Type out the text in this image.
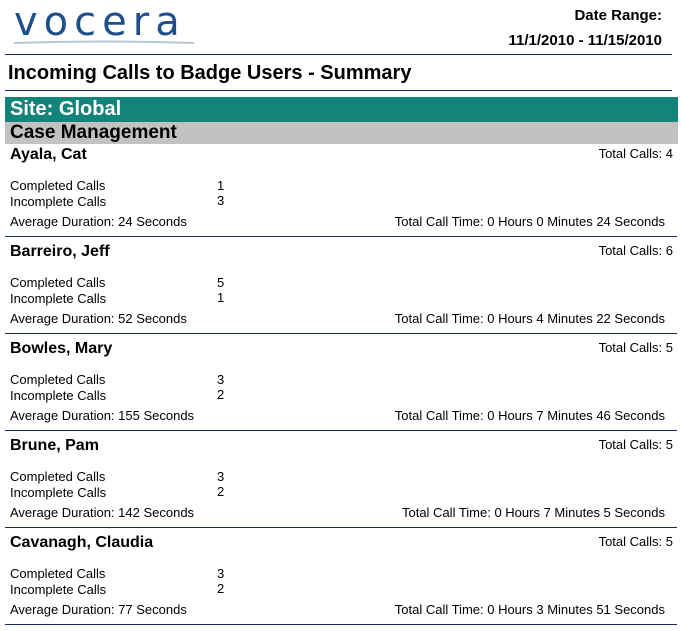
vocera	Date Range:
11/1/2010 - 11/15/2010
Incoming Calls to Badge Users - Summary
Site: Global
Case Management
Ayala, Cat	Total Calls: 4
Completed Calls	1
Incomplete Calls	3
Average Duration: 24 Seconds	Total Call Time: 0 Hours 0 Minutes 24 Seconds
Barreiro, Jeff	Total Calls: 6
Completed Calls	5
Incomplete Calls	1
Average Duration: 52 Seconds	Total Call Time: 0 Hours 4 Minutes 22 Seconds
Bowles, Mary	Total Calls: 5
Completed Calls	3
Incomplete Calls	2
Average Duration: 155 Seconds	Total Call Time: 0 Hours 7 Minutes 46 Seconds
Brune, Pam	Total Calls: 5
Completed Calls	3
Incomplete Calls	2
Average Duration: 142 Seconds	Total Call Time: 0 Hours 7 Minutes 5 Seconds
Cavanagh, Claudia	Total Calls: 5
Completed Calls	3
Incomplete Calls	2
Average Duration: 77 Seconds	Total Call Time: 0 Hours 3 Minutes 51 Seconds
